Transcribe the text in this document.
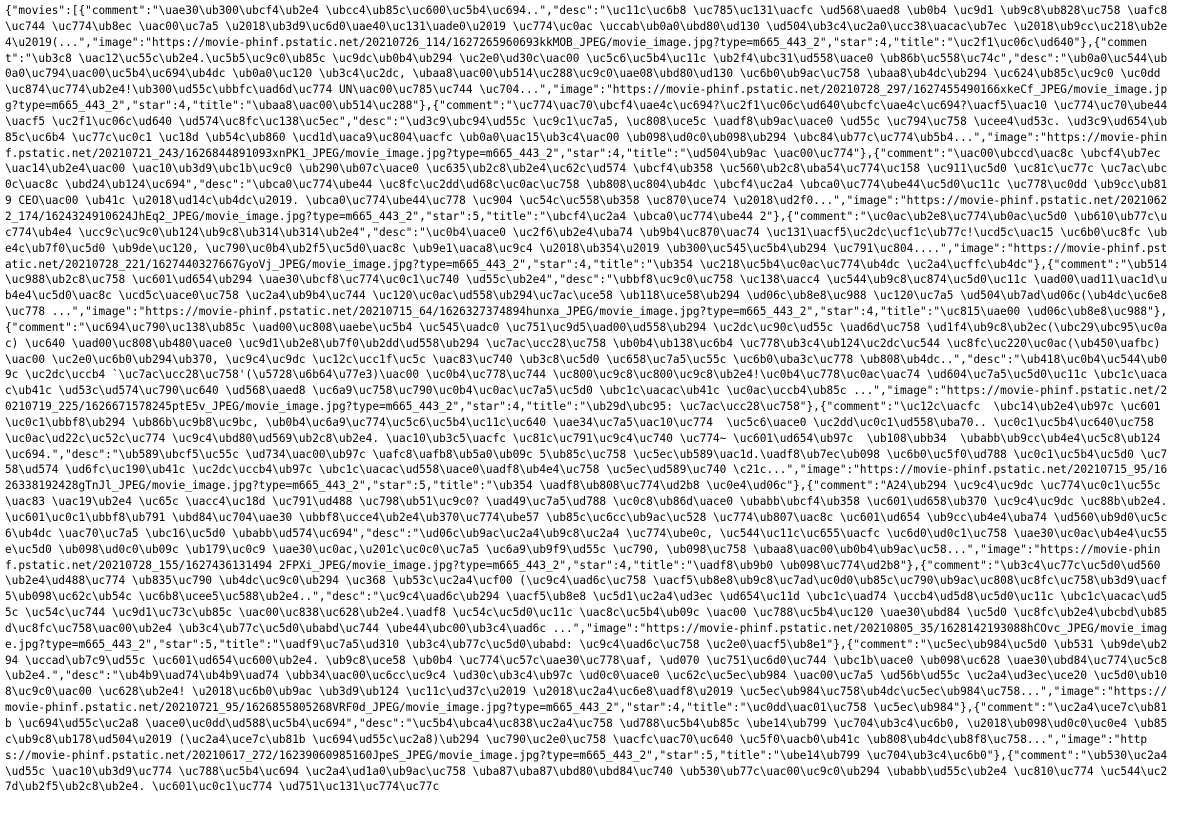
{"movies":[{"comment":"\uae30\ub300\ubcf4\ub2e4 \ubcc4\ub85c\uc600\uc5b4\uc694..","desc":"\uc11c\uc6b8 \uc785\uc131\uacfc \ud568\uaed8 \ub0b4 \uc9d1 \ub9c8\ub828\uc758 \uafc8\uc744 \uc774\ub8ec \uac00\uc7a5 \u2018\ub3d9\uc6d0\uae40\uc131\uade0\u2019 \uc774\uc0ac \uccab\ub0a0\ubd80\ud130 \ud504\ub3c4\uc2a0\ucc38\uacac\ub7ec \u2018\ub9cc\uc218\ub2e4\u2019(...","image":"https://movie-phinf.pstatic.net/20210726_114/1627265960693kkMOB_JPEG/movie_image.jpg?type=m665_443_2","star":4,"title":"\uc2f1\uc06c\ud640"},{"comment":"\ub3c8 \uac12\uc55c\ub2e4.\uc5b5\uc9c0\ub85c \uc9dc\ub0b4\ub294 \uc2e0\ud30c\uac00 \uc5c6\uc5b4\uc11c \ub2f4\ubc31\ud558\uace0 \ub86b\uc558\uc74c","desc":"\ub0a0\uc544\ub0a0\uc794\uac00\uc5b4\uc694\ub4dc \ub0a0\uc120 \ub3c4\uc2dc, \ubaa8\uac00\ub514\uc288\uc9c0\uae08\ubd80\ud130 \uc6b0\ub9ac\uc758 \ubaa8\ub4dc\ub294 \uc624\ub85c\uc9c0 \uc0dd\uc874\uc774\ub2e4!\ub300\ud55c\ubbfc\uad6d\uc774 UN\uac00\uc785\uc744 \uc704...","image":"https://movie-phinf.pstatic.net/20210728_297/1627455490166xkeCf_JPEG/movie_image.jpg?type=m665_443_2","star":4,"title":"\ubaa8\uac00\ub514\uc288"},{"comment":"\uc774\uac70\ubcf4\uae4c\uc694?\uc2f1\uc06c\ud640\ubcfc\uae4c\uc694?\uacf5\uac10 \uc774\uc70\ube44\uacf5 \uc2f1\uc06c\ud640 \ud574\uc8fc\uc138\uc5ec","desc":"\ud3c9\ubc94\ud55c \uc9c1\uc7a5, \uc808\uce5c \uadf8\ub9ac\uace0 \ud55c \uc794\uc758 \ucee4\ud53c. \ud3c9\ud654\ub85c\uc6b4 \uc77c\uc0c1 \uc18d \ub54c\ub860 \ucd1d\uaca9\uc804\uacfc \ub0a0\uac15\ub3c4\uac00 \ub098\ud0c0\ub098\ub294 \ubc84\ub77c\uc774\ub5b4...","image":"https://movie-phinf.pstatic.net/20210721_243/1626844891093xnPK1_JPEG/movie_image.jpg?type=m665_443_2","star":4,"title":"\ud504\ub9ac \uac00\uc774"},{"comment":"\uac00\ubccd\uac8c \ubcf4\ub7ec\uac14\ub2e4\uac00 \uac10\ub3d9\ubc1b\uc9c0 \ub290\ub07c\uace0 \uc635\ub2c8\ub2e4\uc62c\ud574 \ubcf4\ub358 \uc560\ub2c8\uba54\uc774\uc158 \uc911\uc5d0 \uc81c\uc77c \uc7ac\ubc0c\uac8c \ubd24\ub124\uc694","desc":"\ubca0\uc774\ube44 \uc8fc\uc2dd\ud68c\uc0ac\uc758 \ub808\uc804\ub4dc \ubcf4\uc2a4 \ubca0\uc774\ube44\uc5d0\uc11c \uc778\uc0dd \ub9cc\ub819 CEO\uac00 \ub41c \u2018\ud14c\ub4dc\u2019. \ubca0\uc774\ube44\uc778 \uc904 \uc54c\uc558\ub358 \uc870\uce74 \u2018\ud2f0...","image":"https://movie-phinf.pstatic.net/20210622_174/1624324910624JhEq2_JPEG/movie_image.jpg?type=m665_443_2","star":5,"title":"\ubcf4\uc2a4 \ubca0\uc774\ube44 2"},{"comment":"\uc0ac\ub2e8\uc774\ub0ac\uc5d0 \ub610\ub77c\uc774\ub4e4 \ucc9c\uc9c0\ub124\ub9c8\ub314\ub314\ub2e4","desc":"\uc0b4\uace0 \uc2f6\ub2e4\uba74 \ub9b4\uc870\uac74 \uc131\uacf5\uc2dc\ucf1c\ub77c!\ucd5c\uac15 \uc6b0\uc8fc \ube4c\ub7f0\uc5d0 \ub9de\uc120, \uc790\uc0b4\ub2f5\uc5d0\uac8c \ub9e1\uaca8\uc9c4 \u2018\ub354\u2019 \ub300\uc545\uc5b4\ub294 \uc791\uc804....","image":"https://movie-phinf.pstatic.net/20210728_221/1627440327667GyoVj_JPEG/movie_image.jpg?type=m665_443_2","star":4,"title":"\ub354 \uc218\uc5b4\uc0ac\uc774\ub4dc \uc2a4\ucffc\ub4dc"},{"comment":"\ub514\uc988\ub2c8\uc758 \uc601\ud654\ub294 \uae30\ubcf8\uc774\uc0c1\uc740 \ud55c\ub2e4","desc":"\ubbf8\uc9c0\uc758 \uc138\uacc4 \uc544\ub9c8\uc874\uc5d0\uc11c \uad00\uad11\uac1d\ub4e4\uc5d0\uac8c \ucd5c\uace0\uc758 \uc2a4\ub9b4\uc744 \uc120\uc0ac\ud558\ub294\uc7ac\uce58 \ub118\uce58\ub294 \ud06c\ub8e8\uc988 \uc120\uc7a5 \ud504\ub7ad\ud06c(\ub4dc\uc6e8\uc778 ...","image":"https://movie-phinf.pstatic.net/20210715_64/1626327374894hunxa_JPEG/movie_image.jpg?type=m665_443_2","star":4,"title":"\uc815\uae00 \ud06c\ub8e8\uc988"},{"comment":"\uc694\uc790\uc138\ub85c \uad00\uc808\uaebe\uc5b4 \uc545\uadc0 \uc751\uc9d5\uad00\ud558\ub294 \uc2dc\uc90c\ud55c \uad6d\uc758 \ud1f4\ub9c8\ub2ec(\ubc29\ubc95\uc0ac) \uc640 \uad00\uc808\ub480\uace0 \uc9d1\ub2e8\ub7f0\ub2dd\ud558\ub294 \uc7ac\ucc28\uc758 \ub0b4\ub138\uc6b4 \uc778\ub3c4\ub124\uc2dc\uc544 \uc8fc\uc220\uc0ac(\ub450\uafbc)\uac00 \uc2e0\uc6b0\ub294\ub370, \uc9c4\uc9dc \uc12c\ucc1f\uc5c \uac83\uc740 \ub3c8\uc5d0 \uc658\uc7a5\uc55c \uc6b0\uba3c\uc778 \ub808\ub4dc..","desc":"\ub418\uc0b4\uc544\ub09c \uc2dc\uccb4 `\uc7ac\ucc28\uc758'(\u5728\u6b64\u77e3)\uac00 \uc0b4\uc778\uc744 \uc800\uc9c8\uc800\uc9c8\ub2e4!\uc0b4\uc778\uc0ac\uac74 \ud604\uc7a5\uc5d0\uc11c \ubc1c\uacac\ub41c \ud53c\ud574\uc790\uc640 \ud568\uaed8 \uc6a9\uc758\uc790\uc0b4\uc0ac\uc7a5\uc5d0 \ubc1c\uacac\ub41c \uc0ac\uccb4\ub85c ...","image":"https://movie-phinf.pstatic.net/20210719_225/1626671578245ptE5v_JPEG/movie_image.jpg?type=m665_443_2","star":4,"title":"\ub29d\ubc95: \uc7ac\ucc28\uc758"},{"comment":"\uc12c\uacfc  \ubc14\ub2e4\ub97c \uc601\uc0c1\ubbf8\ub294 \ub86b\uc9b8\uc9bc, \ub0b4\uc6a9\uc774\uc5c6\uc5b4\uc11c\uc640 \uae34\uc7a5\uac10\uc774  \uc5c6\uace0 \uc2dd\uc0c1\ud558\uba70.. \uc0c1\uc5b4\uc640\uc758 \uc0ac\ud22c\uc52c\uc774 \uc9c4\ubd80\ud569\ub2c8\ub2e4. \uac10\ub3c5\uacfc \uc81c\uc791\uc9c4\uc740 \uc774~ \uc601\ud654\ub97c  \ub108\ubb34  \ubabb\ub9cc\ub4e4\uc5c8\ub124\uc694.","desc":"\ub589\ubcf5\uc55c \ud734\uac00\ub97c \uafc8\uafb8\ub5a0\ub09c 5\ub85c\uc758 \uc5ec\ub589\uac1d.\uadf8\ub7ec\ub098 \uc6b0\uc5f0\ud788 \uc0c1\uc5b4\uc5d0 \uc758\ud574 \ud6fc\uc190\ub41c \uc2dc\uccb4\ub97c \ubc1c\uacac\ud558\uace0\uadf8\ub4e4\uc758 \uc5ec\ud589\uc740 \c21c...","image":"https://movie-phinf.pstatic.net/20210715_95/1626338192428gTnJl_JPEG/movie_image.jpg?type=m665_443_2","star":5,"title":"\ub354 \uadf8\ub808\uc774\ud2b8 \uc0e4\ud06c"},{"comment":"A24\ub294 \uc9c4\uc9dc \uc774\uc0c1\uc55c\uac83 \uac19\ub2e4 \uc65c \uacc4\uc18d \uc791\ud488 \uc798\ub51\uc9c0? \uad49\uc7a5\ud788 \uc0c8\ub86d\uace0 \ubabb\ubcf4\ub358 \uc601\ud658\ub370 \uc9c4\uc9dc \uc88b\ub2e4. \uc601\uc0c1\ubbf8\ub791 \ubd84\uc704\uae30 \ubbf8\ucce4\ub2e4\ub370\uc774\ube57 \ub85c\uc6cc\ub9ac\uc528 \uc774\ub807\uac8c \uc601\ud654 \ub9cc\ub4e4\uba74 \ud560\ub9d0\uc5c6\ub4dc \uac70\uc7a5 \ubc16\uc5d0 \ubabb\ud574\uc694","desc":"\ud06c\ub9ac\uc2a4\ub9c8\uc2a4 \uc774\ube0c, \uc544\uc11c\uc655\uacfc \uc6d0\ud0c1\uc758 \uae30\uc0ac\ub4e4\uc55e\uc5d0 \ub098\ud0c0\ub09c \ub179\uc0c9 \uae30\uc0ac,\u201c\uc0c0\uc7a5 \uc6a9\ub9f9\ud55c \uc790, \ub098\uc758 \ubaa8\uac00\ub0b4\ub9ac\uc58...","image":"https://movie-phinf.pstatic.net/20210728_155/1627436131494 2FPXi_JPEG/movie_image.jpg?type=m665_443_2","star":4,"title":"\uadf8\ub9b0 \ub098\uc774\ud2b8"},{"comment":"\ub3c4\uc77c\uc5d0\ud560 \ub2e4\ud488\uc774 \ub835\uc790 \ub4dc\uc9c0\ub294 \uc368 \ub53c\uc2a4\ucf00 (\uc9c4\uad6c\uc758 \uacf5\ub8e8\ub9c8\uc7ad\uc0d0\ub85c\uc790\ub9ac\uc808\uc8fc\uc758\ub3d9\uacf5\ub098\uc62c\ub54c \uc6b8\ucee5\uc588\ub2e4..","desc":"\uc9c4\uad6c\ub294 \uacf5\ub8e8 \uc5d1\uc2a4\ud3ec \ud654\uc11d \ubc1c\uad74 \uccb4\ud5d8\uc5d0\uc11c \ubc1c\uacac\ud55c \uc54c\uc744 \uc9d1\uc73c\ub85c \uac00\uc838\uc628\ub2e4.\uadf8 \uc54c\uc5d0\uc11c \uac8c\uc5b4\ub09c \uac00 \uc788\uc5b4\uc120 \uae30\ubd84 \uc5d0 \uc8fc\ub2e4\ubcbd\ub85d\uc8fc\uc758\uac00\ub2e4 \ub3c4\ub77c\uc5d0\ubabd\uc744 \ube44\ubc00\ub3c4\uad6c ...","image":"https://movie-phinf.pstatic.net/20210805_35/1628142193088hCOvc_JPEG/movie_image.jpg?type=m665_443_2","star":5,"title":"\uadf9\uc7a5\ud310 \ub3c4\ub77c\uc5d0\ubabd: \uc9c4\uad6c\uc758 \uc2e0\uacf5\ub8e1"},{"comment":"\uc5ec\ub984\uc5d0 \ub531 \ub9de\ub294 \uccad\ub7c9\ud55c \uc601\ud654\uc600\ub2e4. \ub9c8\uce58 \ub0b4 \uc774\uc57c\uae30\uc778\uaf, \ud070 \uc751\uc6d0\uc744 \ubc1b\uace0 \ub098\uc628 \uae30\ubd84\uc774\uc5c8\ub2e4.","desc":"\ub4b9\uad74\ub4b9\uad74 \ubb34\uac00\uc6cc\uc9c4 \ud30c\ub3c4\ub97c \ud0c0\uace0 \uc62c\uc5ec\ub984 \uac00\uc7a5 \ud56b\ud55c \uc2a4\ud3ec\uce20 \uc5d0\ub108\uc9c0\uac00 \uc628\ub2e4! \u2018\uc6b0\ub9ac \ub3d9\ub124 \uc11c\ud37c\u2019 \u2018\uc2a4\uc6e8\uadf8\u2019 \uc5ec\ub984\uc758\ub4dc\uc5ec\ub984\uc758...","image":"https://movie-phinf.pstatic.net/20210721_95/1626855805268VRF0d_JPEG/movie_image.jpg?type=m665_443_2","star":4,"title":"\uc0dd\uac01\uc758 \uc5ec\ub984"},{"comment":"\uc2a4\uce7c\ub81b \uc694\ud55c\uc2a8 \uace0\uc0dd\ud588\uc5b4\uc694","desc":"\uc5b4\ubca4\uc838\uc2a4\uc758 \ud788\uc5b4\ub85c \ube14\ub799 \uc704\ub3c4\uc6b0, \u2018\ub098\ud0c0\uc0e4 \ub85c\ub9c8\ub178\ud504\u2019 (\uc2a4\uce7c\ub81b \uc694\ud55c\uc2a8)\ub294 \uc790\uc2e0\uc758 \uacfc\uac70\uc640 \uc5f0\uacb0\ub41c \ub808\ub4dc\ub8f8\uc758...","image":"https://movie-phinf.pstatic.net/20210617_272/16239060985160JpeS_JPEG/movie_image.jpg?type=m665_443_2","star":5,"title":"\ube14\ub799 \uc704\ub3c4\uc6b0"},{"comment":"\ub530\uc2a4\ud55c \uac10\ub3d9\uc774 \uc788\uc5b4\uc694 \uc2a4\ud1a0\ub9ac\uc758 \uba87\uba87\ubd80\ubd84\uc740 \ub530\ub77c\uac00\uc9c0\ub294 \ubabb\ud55c\ub2e4 \uc810\uc774 \uc544\uc27d\ub2f5\ub2c8\ub2e4. \uc601\uc0c1\uc774 \ud751\uc131\uc774\uc77c
